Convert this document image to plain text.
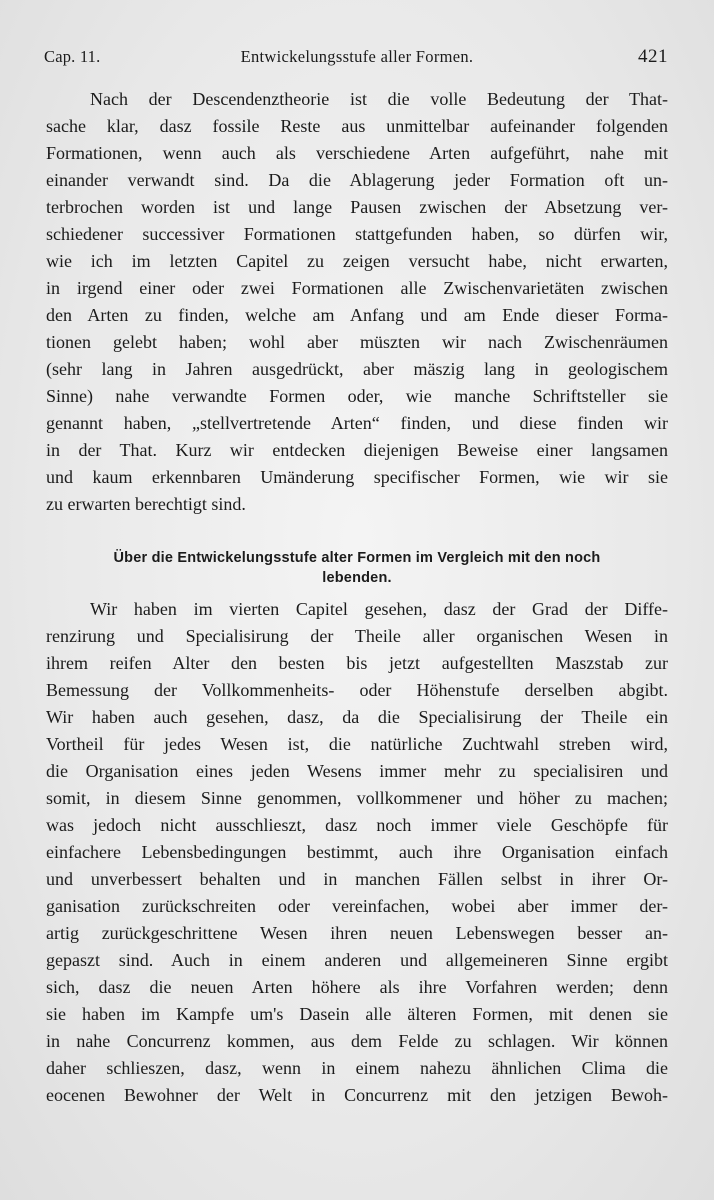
Cap. 11.	Entwickelungsstufe aller Formen.	421
Nach der Descendenztheorie ist die volle Bedeutung der That-
sache klar, dasz fossile Reste aus unmittelbar aufeinander folgenden
Formationen, wenn auch als verschiedene Arten aufgeführt, nahe mit
einander verwandt sind. Da die Ablagerung jeder Formation oft un-
terbrochen worden ist und lange Pausen zwischen der Absetzung ver-
schiedener successiver Formationen stattgefunden haben, so dürfen wir,
wie ich im letzten Capitel zu zeigen versucht habe, nicht erwarten,
in irgend einer oder zwei Formationen alle Zwischenvarietäten zwischen
den Arten zu finden, welche am Anfang und am Ende dieser Forma-
tionen gelebt haben; wohl aber müszten wir nach Zwischenräumen
(sehr lang in Jahren ausgedrückt, aber mäszig lang in geologischem
Sinne) nahe verwandte Formen oder, wie manche Schriftsteller sie
genannt haben, „stellvertretende Arten“ finden, und diese finden wir
in der That. Kurz wir entdecken diejenigen Beweise einer langsamen
und kaum erkennbaren Umänderung specifischer Formen, wie wir sie
zu erwarten berechtigt sind.
Über die Entwickelungsstufe alter Formen im Vergleich mit den noch
lebenden.
Wir haben im vierten Capitel gesehen, dasz der Grad der Diffe-
renzirung und Specialisirung der Theile aller organischen Wesen in
ihrem reifen Alter den besten bis jetzt aufgestellten Maszstab zur
Bemessung der Vollkommenheits- oder Höhenstufe derselben abgibt.
Wir haben auch gesehen, dasz, da die Specialisirung der Theile ein
Vortheil für jedes Wesen ist, die natürliche Zuchtwahl streben wird,
die Organisation eines jeden Wesens immer mehr zu specialisiren und
somit, in diesem Sinne genommen, vollkommener und höher zu machen;
was jedoch nicht ausschlieszt, dasz noch immer viele Geschöpfe für
einfachere Lebensbedingungen bestimmt, auch ihre Organisation einfach
und unverbessert behalten und in manchen Fällen selbst in ihrer Or-
ganisation zurückschreiten oder vereinfachen, wobei aber immer der-
artig zurückgeschrittene Wesen ihren neuen Lebenswegen besser an-
gepaszt sind. Auch in einem anderen und allgemeineren Sinne ergibt
sich, dasz die neuen Arten höhere als ihre Vorfahren werden; denn
sie haben im Kampfe um's Dasein alle älteren Formen, mit denen sie
in nahe Concurrenz kommen, aus dem Felde zu schlagen. Wir können
daher schlieszen, dasz, wenn in einem nahezu ähnlichen Clima die
eocenen Bewohner der Welt in Concurrenz mit den jetzigen Bewoh-
